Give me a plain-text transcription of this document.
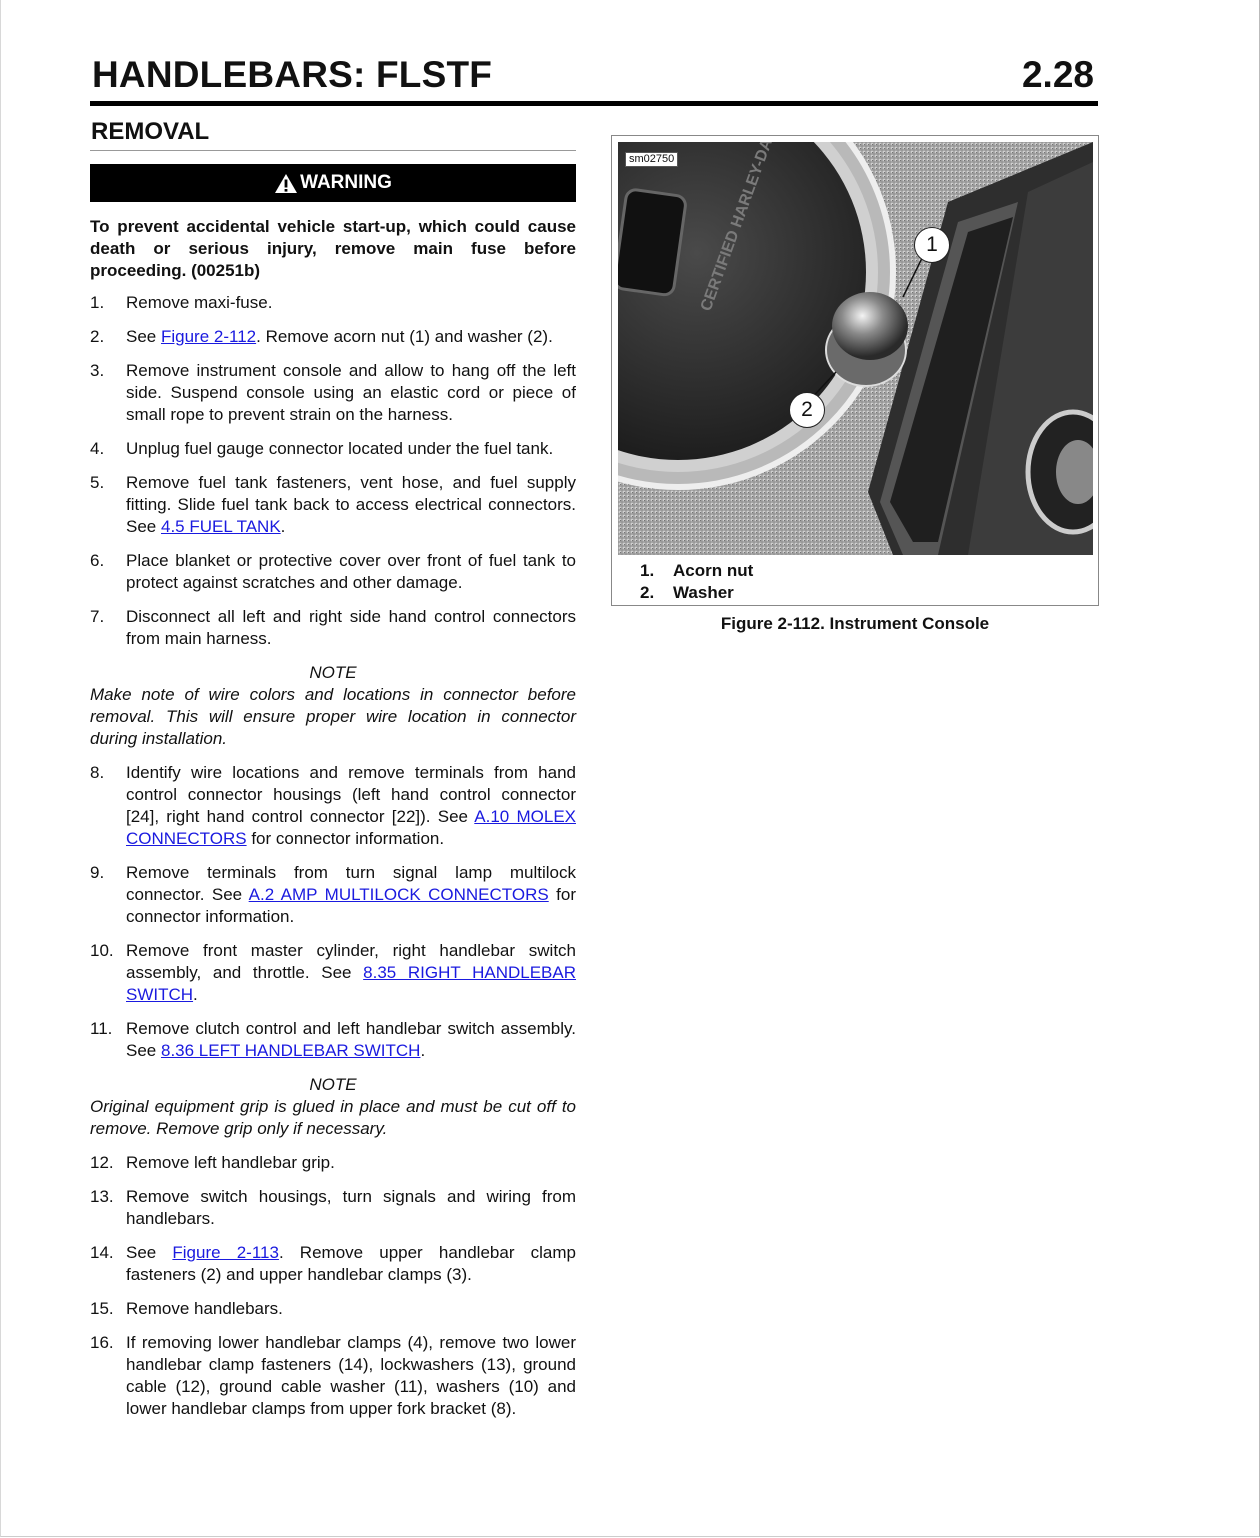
HANDLEBARS: FLSTF	2.28
REMOVAL
WARNING
To prevent accidental vehicle start-up, which could cause death or serious injury, remove main fuse before proceeding. (00251b)
1.	Remove maxi-fuse.
2.	See Figure 2-112. Remove acorn nut (1) and washer (2).
3.	Remove instrument console and allow to hang off the left side. Suspend console using an elastic cord or piece of small rope to prevent strain on the harness.
4.	Unplug fuel gauge connector located under the fuel tank.
5.	Remove fuel tank fasteners, vent hose, and fuel supply fitting. Slide fuel tank back to access electrical connectors. See 4.5 FUEL TANK.
6.	Place blanket or protective cover over front of fuel tank to protect against scratches and other damage.
7.	Disconnect all left and right side hand control connectors from main harness.
NOTE
Make note of wire colors and locations in connector before removal. This will ensure proper wire location in connector during installation.
8.	Identify wire locations and remove terminals from hand control connector housings (left hand control connector [24], right hand control connector [22]). See A.10 MOLEX CONNECTORS for connector information.
9.	Remove terminals from turn signal lamp multilock connector. See A.2 AMP MULTILOCK CONNECTORS for connector information.
10. Remove front master cylinder, right handlebar switch assembly, and throttle. See 8.35 RIGHT HANDLEBAR SWITCH.
11. Remove clutch control and left handlebar switch assembly. See 8.36 LEFT HANDLEBAR SWITCH.
NOTE
Original equipment grip is glued in place and must be cut off to remove. Remove grip only if necessary.
12. Remove left handlebar grip.
13. Remove switch housings, turn signals and wiring from handlebars.
14. See Figure 2-113. Remove upper handlebar clamp fasteners (2) and upper handlebar clamps (3).
15. Remove handlebars.
16. If removing lower handlebar clamps (4), remove two lower handlebar clamp fasteners (14), lockwashers (13), ground cable (12), ground cable washer (11), washers (10) and lower handlebar clamps from upper fork bracket (8).
sm02750
1
2
1.	Acorn nut
2.	Washer
Figure 2-112. Instrument Console
